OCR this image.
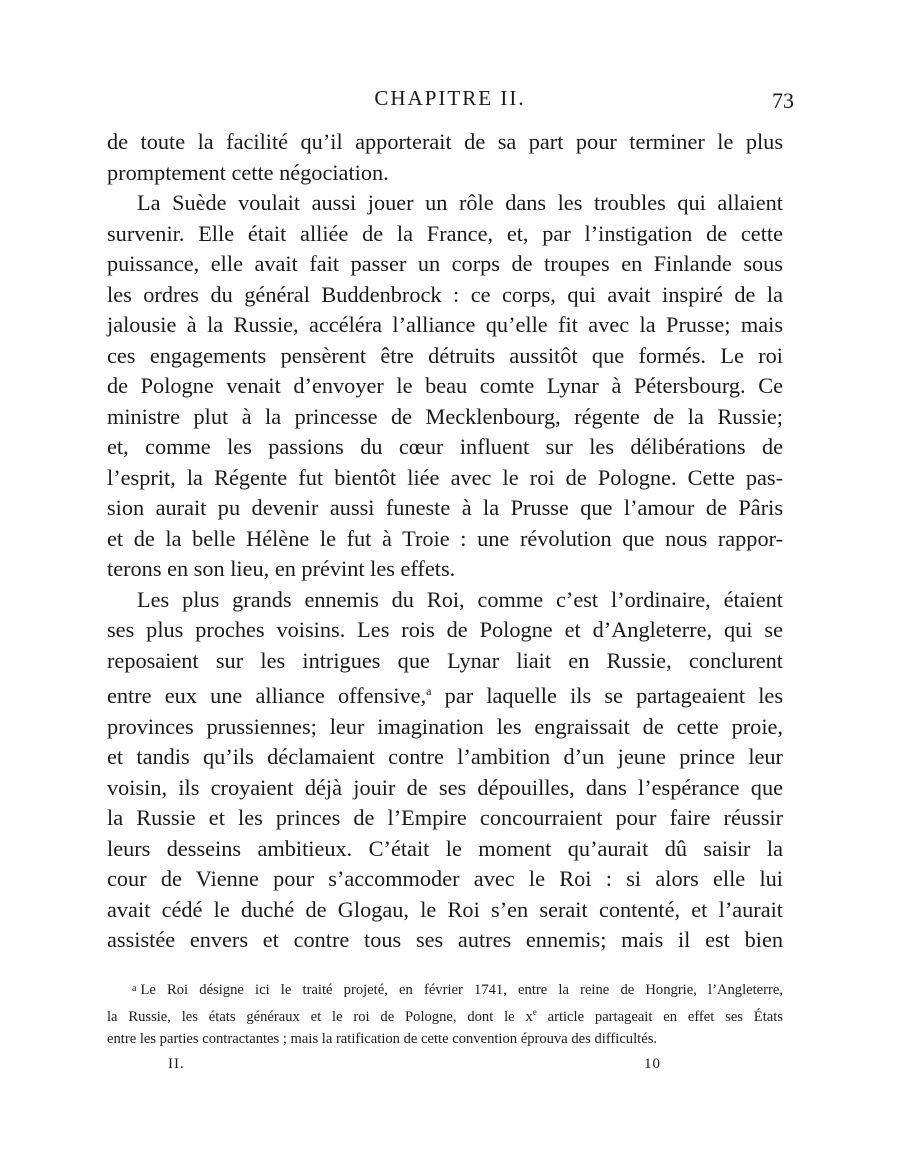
CHAPITRE II.	73
de toute la facilité qu’il apporterait de sa part pour terminer le plus
promptement cette négociation.
La Suède voulait aussi jouer un rôle dans les troubles qui allaient
survenir. Elle était alliée de la France, et, par l’instigation de cette
puissance, elle avait fait passer un corps de troupes en Finlande sous
les ordres du général Buddenbrock : ce corps, qui avait inspiré de la
jalousie à la Russie, accéléra l’alliance qu’elle fit avec la Prusse; mais
ces engagements pensèrent être détruits aussitôt que formés. Le roi
de Pologne venait d’envoyer le beau comte Lynar à Pétersbourg. Ce
ministre plut à la princesse de Mecklenbourg, régente de la Russie;
et, comme les passions du cœur influent sur les délibérations de
l’esprit, la Régente fut bientôt liée avec le roi de Pologne. Cette pas-
sion aurait pu devenir aussi funeste à la Prusse que l’amour de Pâris
et de la belle Hélène le fut à Troie : une révolution que nous rappor-
terons en son lieu, en prévint les effets.
Les plus grands ennemis du Roi, comme c’est l’ordinaire, étaient
ses plus proches voisins. Les rois de Pologne et d’Angleterre, qui se
reposaient sur les intrigues que Lynar liait en Russie, conclurent
entre eux une alliance offensive,$^a$ par laquelle ils se partageaient les
provinces prussiennes; leur imagination les engraissait de cette proie,
et tandis qu’ils déclamaient contre l’ambition d’un jeune prince leur
voisin, ils croyaient déjà jouir de ses dépouilles, dans l’espérance que
la Russie et les princes de l’Empire concourraient pour faire réussir
leurs desseins ambitieux. C’était le moment qu’aurait dû saisir la
cour de Vienne pour s’accommoder avec le Roi : si alors elle lui
avait cédé le duché de Glogau, le Roi s’en serait contenté, et l’aurait
assistée envers et contre tous ses autres ennemis; mais il est bien
$^a$ Le Roi désigne ici le traité projeté, en février 1741, entre la reine de Hongrie, l’Angleterre,
la Russie, les états généraux et le roi de Pologne, dont le x$^e$ article partageait en effet ses États
entre les parties contractantes ; mais la ratification de cette convention éprouva des difficultés.
II.	10
